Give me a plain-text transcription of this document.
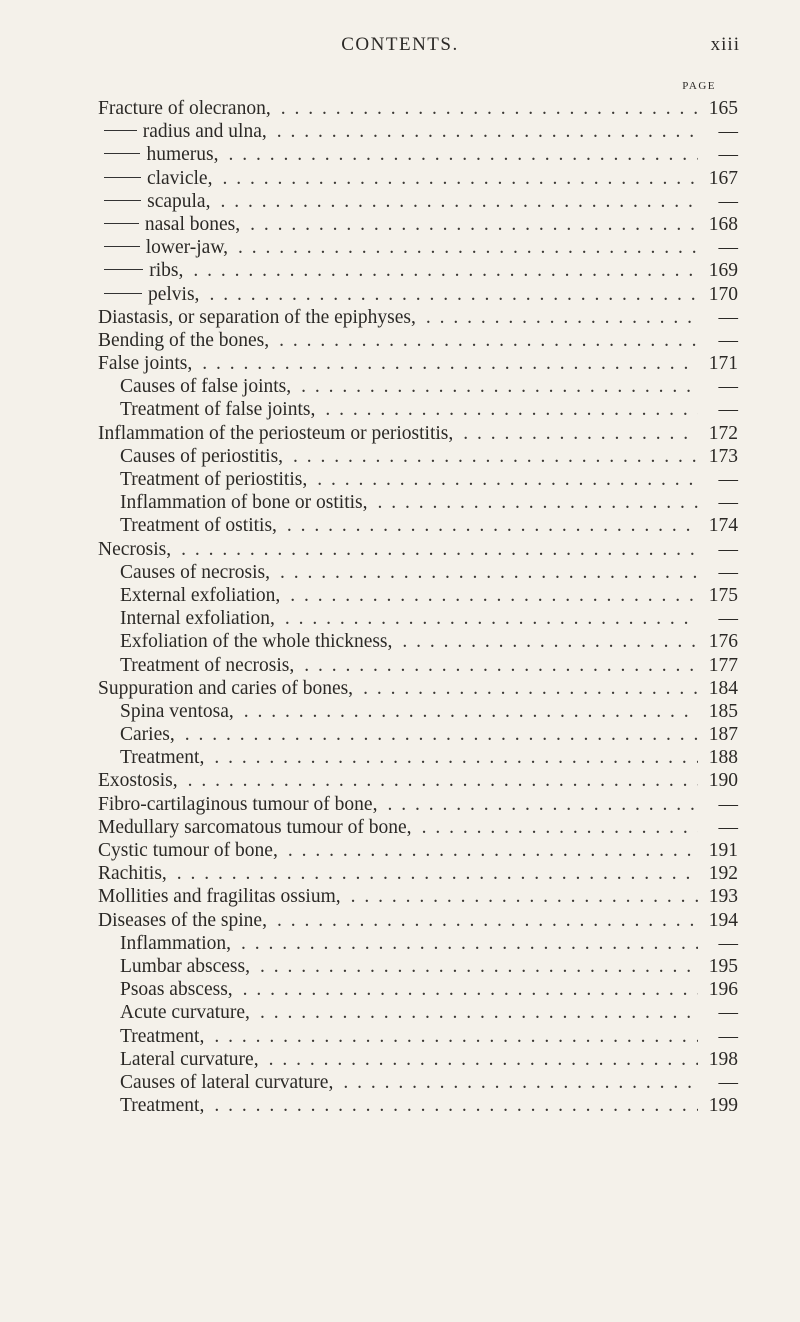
CONTENTS.	xiii
PAGE
Fracture of olecranon, . . .	165
radius and ulna, . . .	—
humerus, . . .	—
clavicle, . . .	167
scapula, . . .	—
nasal bones, . . .	168
lower-jaw, . . .	—
ribs, . . .	169
pelvis, . . .	170
Diastasis, or separation of the epiphyses, . . .	—
Bending of the bones, . . .	—
False joints, . . .	171
Causes of false joints, . . .	—
Treatment of false joints, . . .	—
Inflammation of the periosteum or periostitis, . . .	172
Causes of periostitis, . . .	173
Treatment of periostitis, . . .	—
Inflammation of bone or ostitis, . . .	—
Treatment of ostitis, . . .	174
Necrosis, . . .	—
Causes of necrosis, . . .	—
External exfoliation, . . .	175
Internal exfoliation, . . .	—
Exfoliation of the whole thickness, . . .	176
Treatment of necrosis, . . .	177
Suppuration and caries of bones, . . .	184
Spina ventosa, . . .	185
Caries, . . .	187
Treatment, . . .	188
Exostosis, . . .	190
Fibro-cartilaginous tumour of bone, . . .	—
Medullary sarcomatous tumour of bone, . . .	—
Cystic tumour of bone, . . .	191
Rachitis, . . .	192
Mollities and fragilitas ossium, . . .	193
Diseases of the spine, . . .	194
Inflammation, . . .	—
Lumbar abscess, . . .	195
Psoas abscess, . . .	196
Acute curvature, . . .	—
Treatment, . . .	—
Lateral curvature, . . .	198
Causes of lateral curvature, . . .	—
Treatment, . . .	199
